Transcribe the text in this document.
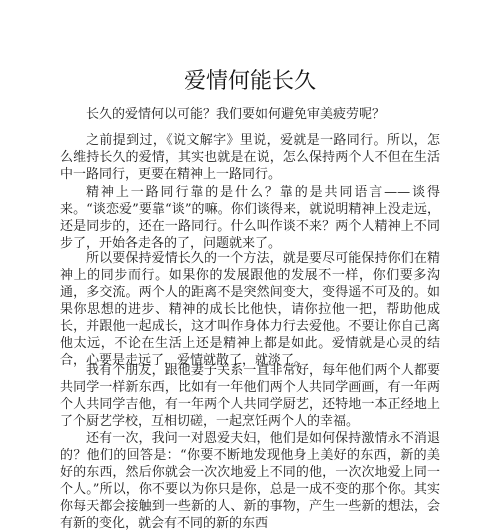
爱情何能长久

长久的爱情何以可能？我们要如何避免审美疲劳呢？

之前提到过，《说文解字》里说，爱就是一路同行。所以，怎么维持长久的爱情，其实也就是在说，怎么保持两个人不但在生活中一路同行，更要在精神上一路同行。

精神上一路同行靠的是什么？靠的是共同语言——谈得来。“谈恋爱”要靠“谈”的嘛。你们谈得来，就说明精神上没走远，还是同步的，还在一路同行。什么叫作谈不来？两个人精神上不同步了，开始各走各的了，问题就来了。

所以要保持爱情长久的一个方法，就是要尽可能保持你们在精神上的同步而行。如果你的发展跟他的发展不一样，你们要多沟通，多交流。两个人的距离不是突然间变大，变得遥不可及的。如果你思想的进步、精神的成长比他快，请你拉他一把，帮助他成长，并跟他一起成长，这才叫作身体力行去爱他。不要让你自己离他太远，不论在生活上还是精神上都是如此。爱情就是心灵的结合，心要是走远了，爱情就散了，就淡了。

我有个朋友，跟他妻子关系一直非常好，每年他们两个人都要共同学一样新东西，比如有一年他们两个人共同学画画，有一年两个人共同学吉他，有一年两个人共同学厨艺，还特地一本正经地上了个厨艺学校，互相切磋，一起烹饪两个人的幸福。

还有一次，我问一对恩爱夫妇，他们是如何保持激情永不消退的？他们的回答是：“你要不断地发现他身上美好的东西，新的美好的东西，然后你就会一次次地爱上不同的他，一次次地爱上同一个人。”所以，你不要以为你只是你，总是一成不变的那个你。其实你每天都会接触到一些新的人、新的事物，产生一些新的想法，会有新的变化，就会有不同的新的东西
